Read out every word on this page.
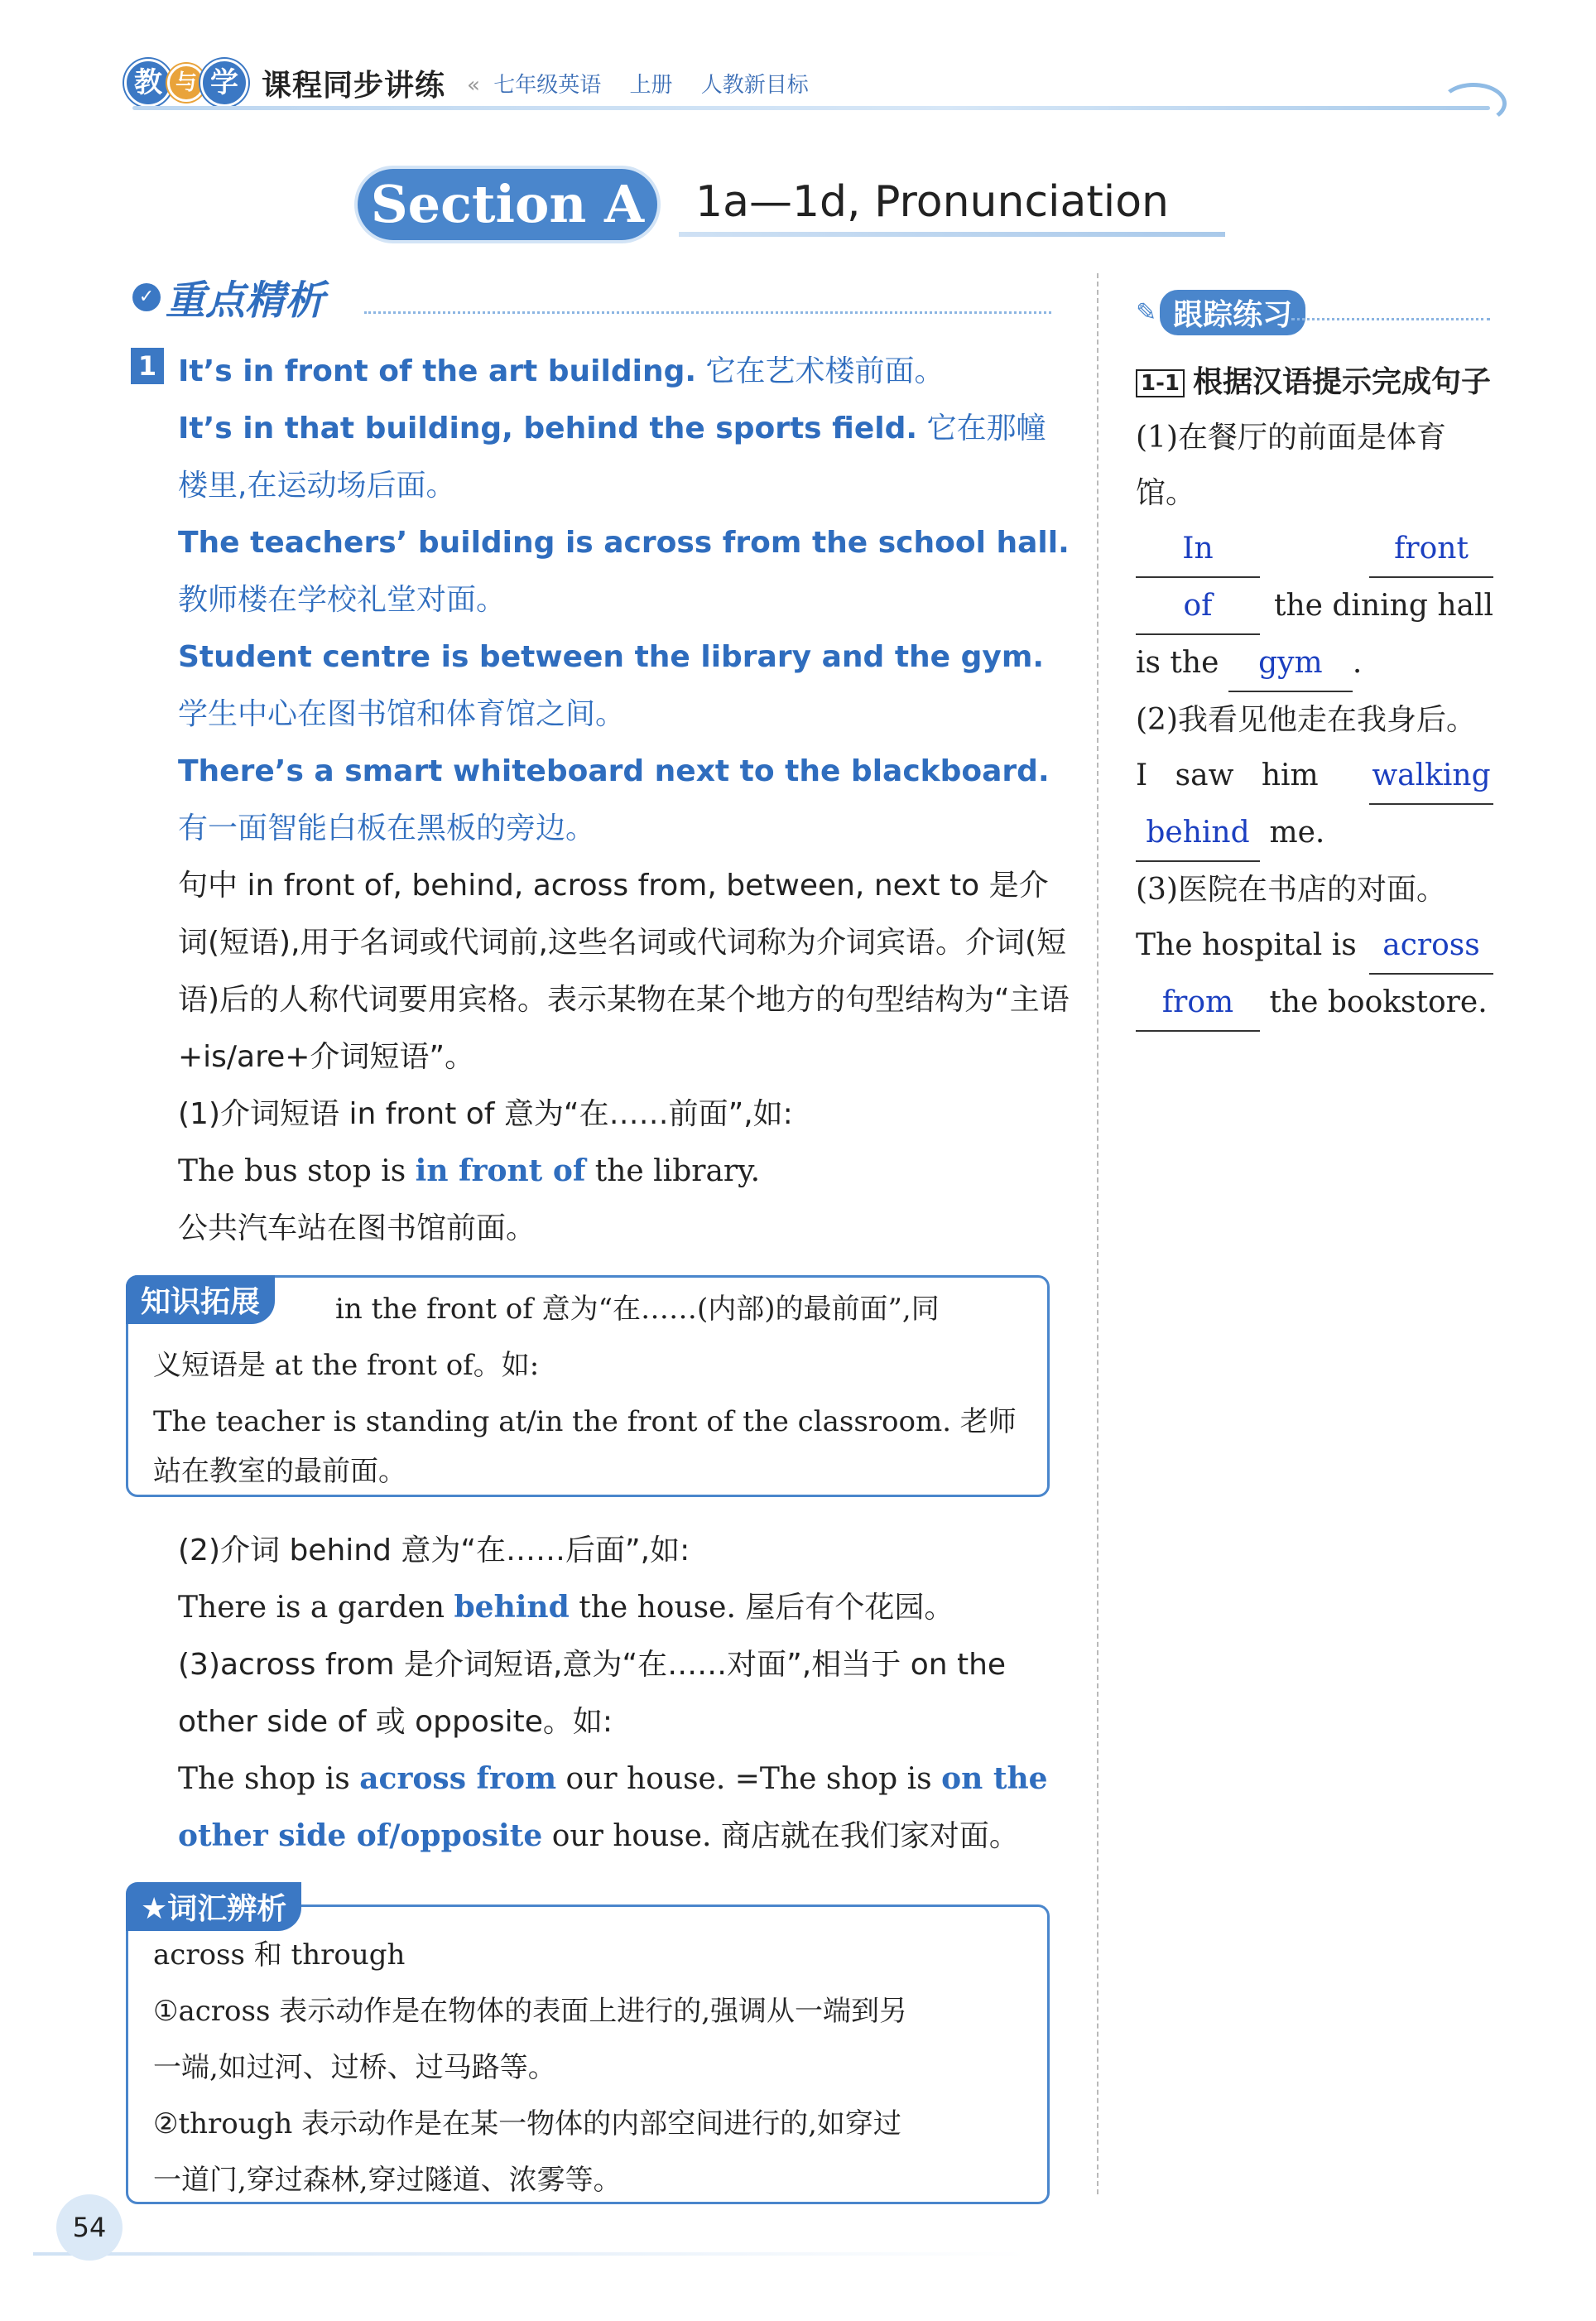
教 与 学 课程同步讲练 « 七年级英语 上册 人教新目标
Section A	1a—1d, Pronunciation
✓ 重点精析	✎ 跟踪练习
1 It’s in front of the art building. 它在艺术楼前面。
It’s in that building, behind the sports field. 它在那幢楼里,在运动场后面。
The teachers’ building is across from the school hall. 教师楼在学校礼堂对面。
Student centre is between the library and the gym. 学生中心在图书馆和体育馆之间。
There’s a smart whiteboard next to the blackboard. 有一面智能白板在黑板的旁边。
句中 in front of, behind, across from, between, next to 是介词(短语),用于名词或代词前,这些名词或代词称为介词宾语。介词(短语)后的人称代词要用宾格。表示某物在某个地方的句型结构为“主语+is/are+介词短语”。
(1)介词短语 in front of 意为“在……前面”,如:
The bus stop is in front of the library.
公共汽车站在图书馆前面。
知识拓展	in the front of 意为“在……(内部)的最前面”,同
义短语是 at the front of。如:
The teacher is standing at/in the front of the classroom. 老师
站在教室的最前面。
(2)介词 behind 意为“在……后面”,如:
There is a garden behind the house. 屋后有个花园。
(3)across from 是介词短语,意为“在……对面”,相当于 on the other side of 或 opposite。如:
The shop is across from our house. =The shop is on the other side of/opposite our house. 商店就在我们家对面。
★词汇辨析
across 和 through
①across 表示动作是在物体的表面上进行的,强调从一端到另
一端,如过河、过桥、过马路等。
②through 表示动作是在某一物体的内部空间进行的,如穿过
一道门,穿过森林,穿过隧道、浓雾等。
1-1 根据汉语提示完成句子
(1)在餐厅的前面是体育馆。
In	front
of	the dining hall
is the gym .
(2)我看见他走在我身后。
I saw him walking
behind me.
(3)医院在书店的对面。
The hospital is across
from the bookstore.
54
